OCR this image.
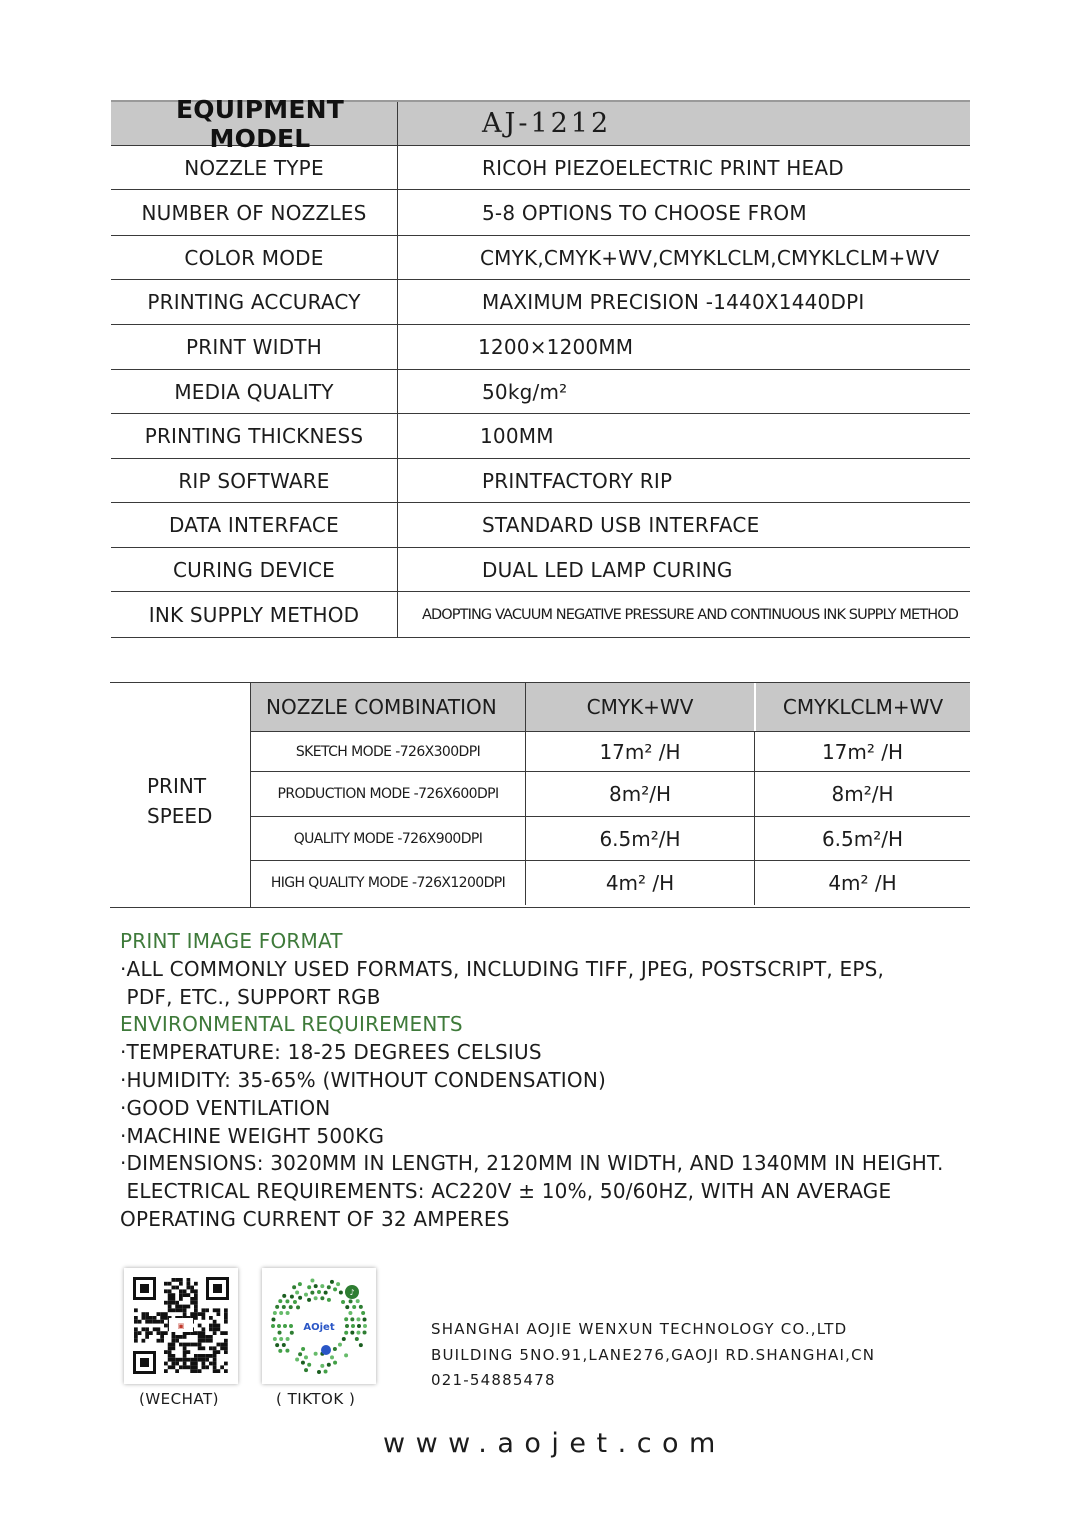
EQUIPMENT MODEL	AJ-1212
NOZZLE TYPE	RICOH PIEZOELECTRIC PRINT HEAD
NUMBER OF NOZZLES	5-8 OPTIONS TO CHOOSE FROM
COLOR MODE	CMYK,CMYK+WV,CMYKLCLM,CMYKLCLM+WV
PRINTING ACCURACY	MAXIMUM PRECISION -1440X1440DPI
PRINT WIDTH	1200×1200MM
MEDIA QUALITY	50kg/m²
PRINTING THICKNESS	100MM
RIP SOFTWARE	PRINTFACTORY RIP
DATA INTERFACE	STANDARD USB INTERFACE
CURING DEVICE	DUAL LED LAMP CURING
INK SUPPLY METHOD	ADOPTING VACUUM NEGATIVE PRESSURE AND CONTINUOUS INK SUPPLY METHOD
PRINT
SPEED
NOZZLE COMBINATION	CMYK+WV	CMYKLCLM+WV
SKETCH MODE -726X300DPI	17m² /H	17m² /H
PRODUCTION MODE -726X600DPI	8m²/H	8m²/H
QUALITY MODE -726X900DPI	6.5m²/H	6.5m²/H
HIGH QUALITY MODE -726X1200DPI	4m² /H	4m² /H
PRINT IMAGE FORMAT
·ALL COMMONLY USED FORMATS, INCLUDING TIFF, JPEG, POSTSCRIPT, EPS,
PDF, ETC., SUPPORT RGB
ENVIRONMENTAL REQUIREMENTS
·TEMPERATURE: 18-25 DEGREES CELSIUS
·HUMIDITY: 35-65% (WITHOUT CONDENSATION)
·GOOD VENTILATION
·MACHINE WEIGHT 500KG
·DIMENSIONS: 3020MM IN LENGTH, 2120MM IN WIDTH, AND 1340MM IN HEIGHT.
ELECTRICAL REQUIREMENTS: AC220V ± 10%, 50/60HZ, WITH AN AVERAGE
OPERATING CURRENT OF 32 AMPERES
▣
(WECHAT)
AOjet
♪
( TIKTOK )
SHANGHAI AOJIE WENXUN TECHNOLOGY CO.,LTD
BUILDING 5NO.91,LANE276,GAOJI RD.SHANGHAI,CN
021-54885478
www.aojet.com
